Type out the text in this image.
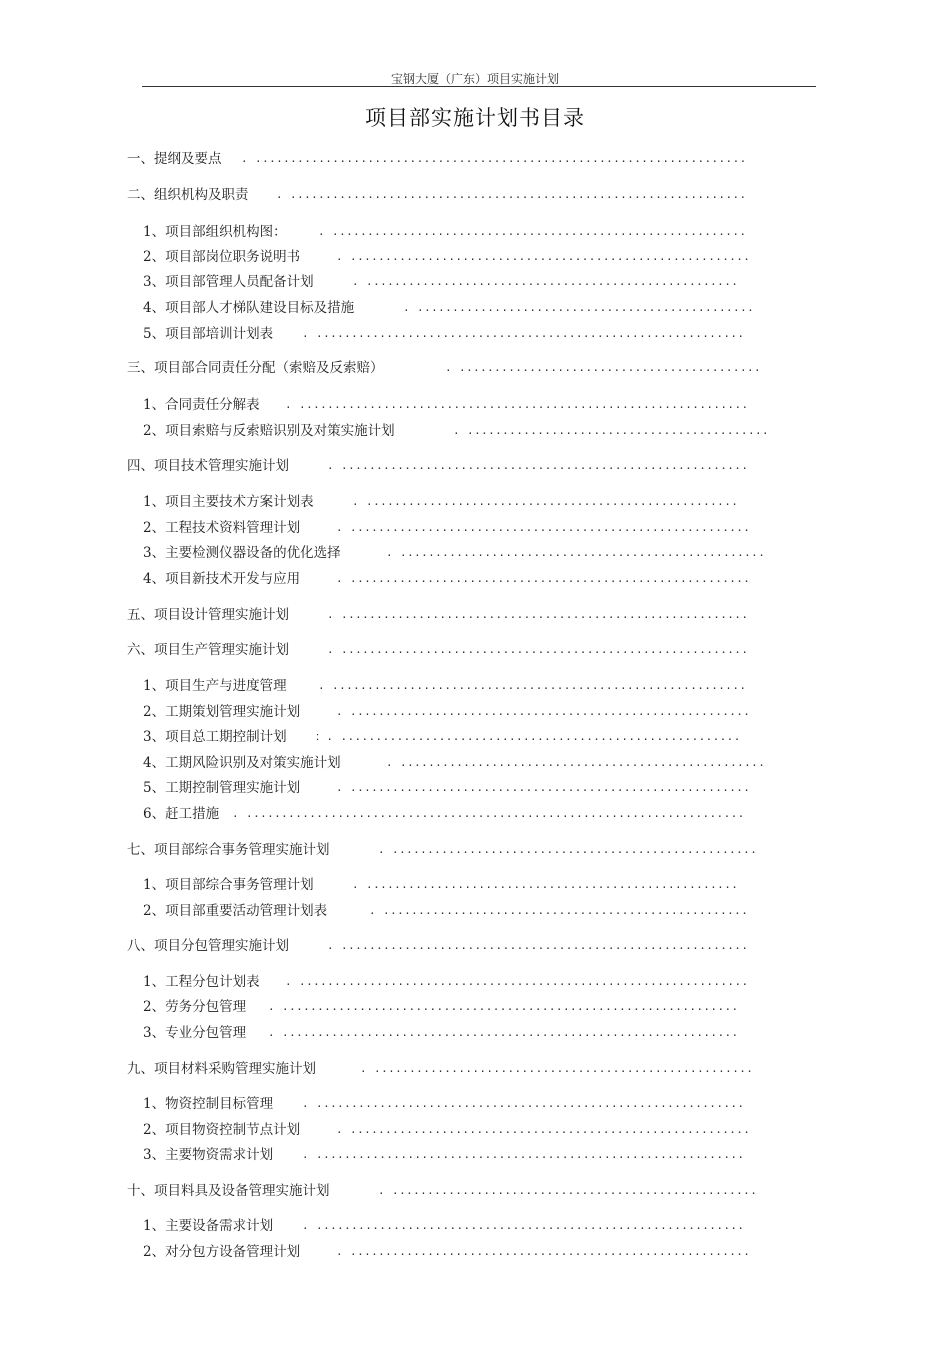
宝钢大厦（广东）项目实施计划
项目部实施计划书目录
一、提纲及要点 . ......................................................................
二、组织机构及职责	. .................................................................
1、项目部组织机构图：	. ...........................................................
2、项目部岗位职务说明书	. .........................................................
3、项目部管理人员配备计划	. .....................................................
4、项目部人才梯队建设目标及措施	. ................................................
5、项目部培训计划表	. .............................................................
三、项目部合同责任分配（索赔及反索赔）	. ...........................................
1、合同责任分解表 . ................................................................
2、项目索赔与反索赔识别及对策实施计划	. ...........................................
四、项目技术管理实施计划	. ..........................................................
1、项目主要技术方案计划表	. .....................................................
2、工程技术资料管理计划	. .........................................................
3、主要检测仪器设备的优化选择	. ....................................................
4、项目新技术开发与应用	. .........................................................
五、项目设计管理实施计划	. ..........................................................
六、项目生产管理实施计划	. ..........................................................
1、项目生产与进度管理	. ...........................................................
2、工期策划管理实施计划	. .........................................................
3、项目总工期控制计划	：. .........................................................
4、工期风险识别及对策实施计划	. ....................................................
5、工期控制管理实施计划	. .........................................................
6、赶工措施 . .......................................................................
七、项目部综合事务管理实施计划	. ....................................................
1、项目部综合事务管理计划	. .....................................................
2、项目部重要活动管理计划表	. ....................................................
八、项目分包管理实施计划	. ..........................................................
1、工程分包计划表 . ................................................................
2、劳务分包管理 . .................................................................
3、专业分包管理 . .................................................................
九、项目材料采购管理实施计划	. ......................................................
1、物资控制目标管理	. .............................................................
2、项目物资控制节点计划	. .........................................................
3、主要物资需求计划	. .............................................................
十、项目料具及设备管理实施计划	. ....................................................
1、主要设备需求计划	. .............................................................
2、对分包方设备管理计划	. .........................................................
